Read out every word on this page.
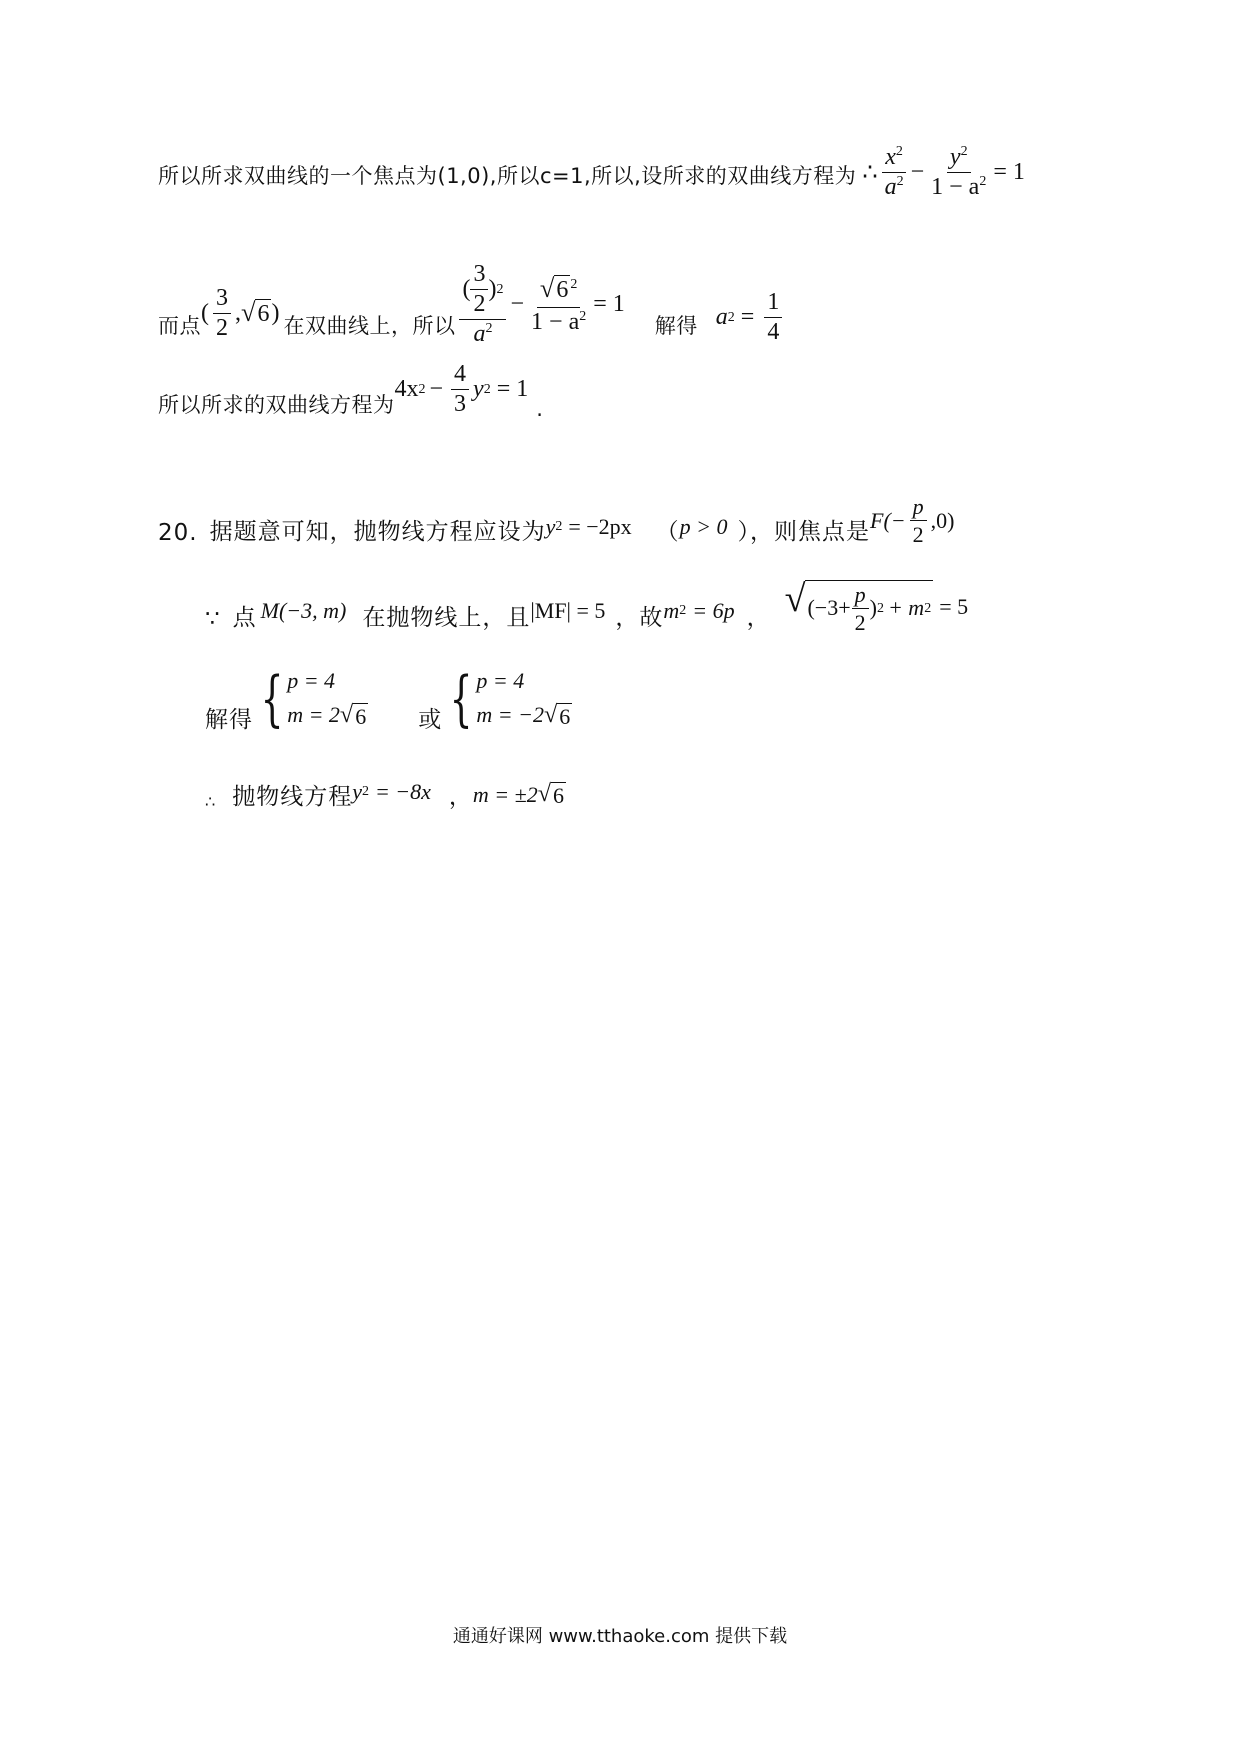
所以所求双曲线的一个焦点为(1,0),所以c=1,所以,设所求的双曲线方程为 ∴ $\frac{x^2}{a^2} - \frac{y^2}{1 - a^2} = 1$
而点 ( $\frac{3}{2}$ , √ 6 ) 在双曲线上，所以 $\frac{( \frac{3}{2} ) 2}{a^2} - \frac{√ 6 ^2}{1 - a^2} = 1$
解得 a $2 = \frac{1}{4}$
所以所求的双曲线方程为
4x $2 - \frac{4}{3}$ y 2 = 1
.
20. 据题意可知，抛物线方程应设为 y 2 = −2px （ p > 0 ），则焦点是 $F(- \frac{p}{2} ,0)$
∵ 点 M(−3, m) 在抛物线上，且 |MF| = 5 ，故 m 2 = 6p ， √ ($-3+ \frac{p}{2}$ ) 2 + m 2 = 5
解得 { p = 4
m = 2 √ 6 或 { p = 4
m = −2 √ 6
∴ 抛物线方程 y 2 = −8x ， m = ±2 √ 6
通通好课网 www.tthaoke.com 提供下载
